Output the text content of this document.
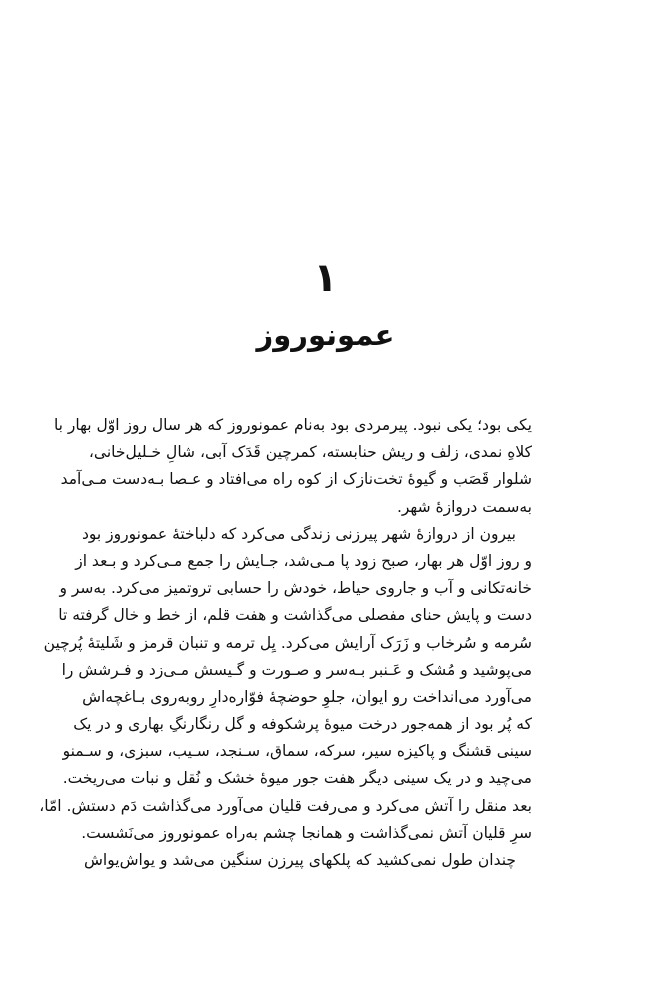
۱
عمونوروز
یکی بود؛ یکی نبود. پیرمردی بود به‌نام عمونوروز که هر سال روز اوّل بهار با
کلاهِ نمدی، زلف و ریش حنابسته، کمرچین قَدَک آبی، شالِ خـلیل‌خانی،
شلوار قَصَب و گیوهٔ تخت‌نازک از کوه راه می‌افتاد و عـصا بـه‌دست مـی‌آمد
به‌سمت دروازهٔ شهر.
بیرون از دروازهٔ شهر پیرزنی زندگی می‌کرد که دلباختهٔ عمونوروز بود
و روز اوّل هر بهار، صبح زود پا مـی‌شد، جـایش را جمع مـی‌کرد و بـعد از
خانه‌تکانی و آب و جاروی حیاط، خودش را حسابی تروتمیز می‌کرد. به‌سر و
دست و پایش حنای مفصلی می‌گذاشت و هفت قلم، از خط و خال گرفته تا
سُرمه و سُرخاب و زَرَک آرایش می‌کرد. یِل ترمه و تنبان قرمز و شَلیتهٔ پُرچین
می‌پوشید و مُشک و عَـنبر بـه‌سر و صـورت و گـیسش مـی‌زد و فـرشش را
می‌آورد می‌انداخت رو ایوان، جلوِ حوضچهٔ فوّاره‌دارِ روبه‌روی بـاغچه‌اش
که پُر بود از همه‌جور درخت میوهٔ پرشکوفه و گل رنگارنگِ بهاری و در یک
سینی قشنگ و پاکیزه سیر، سرکه، سماق، سـنجد، سـیب، سبزی، و سـمنو
می‌چید و در یک سینی دیگر هفت جور میوهٔ خشک و نُقل و نبات می‌ریخت.
بعد منقل را آتش می‌کرد و می‌رفت قلیان می‌آورد می‌گذاشت دَم دستش. امّا،
سرِ قلیان آتش نمی‌گذاشت و همانجا چشم به‌راه عمونوروز می‌نَشست.
چندان طول نمی‌کشید که پلکهای پیرزن سنگین می‌شد و یواش‌یواش
